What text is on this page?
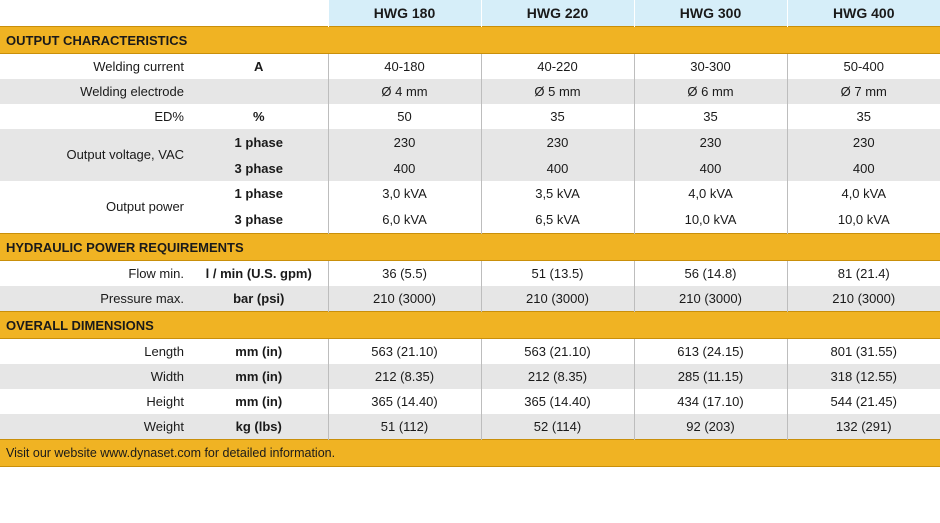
		HWG 180	HWG 220	HWG 300	HWG 400
OUTPUT CHARACTERISTICS					
Welding current	A	40-180	40-220	30-300	50-400
Welding electrode		Ø 4 mm	Ø 5 mm	Ø 6 mm	Ø 7 mm
ED%	%	50	35	35	35
Output voltage, VAC	1 phase	230	230	230	230
	3 phase	400	400	400	400
Output power	1 phase	3,0 kVA	3,5 kVA	4,0 kVA	4,0 kVA
	3 phase	6,0 kVA	6,5 kVA	10,0 kVA	10,0 kVA
HYDRAULIC POWER REQUIREMENTS					
Flow min.	l / min (U.S. gpm)	36 (5.5)	51 (13.5)	56 (14.8)	81 (21.4)
Pressure max.	bar (psi)	210 (3000)	210 (3000)	210 (3000)	210 (3000)
OVERALL DIMENSIONS					
Length	mm (in)	563 (21.10)	563 (21.10)	613 (24.15)	801 (31.55)
Width	mm (in)	212 (8.35)	212 (8.35)	285 (11.15)	318 (12.55)
Height	mm (in)	365 (14.40)	365 (14.40)	434 (17.10)	544 (21.45)
Weight	kg (lbs)	51 (112)	52 (114)	92 (203)	132 (291)
Visit our website www.dynaset.com for detailed information.					
